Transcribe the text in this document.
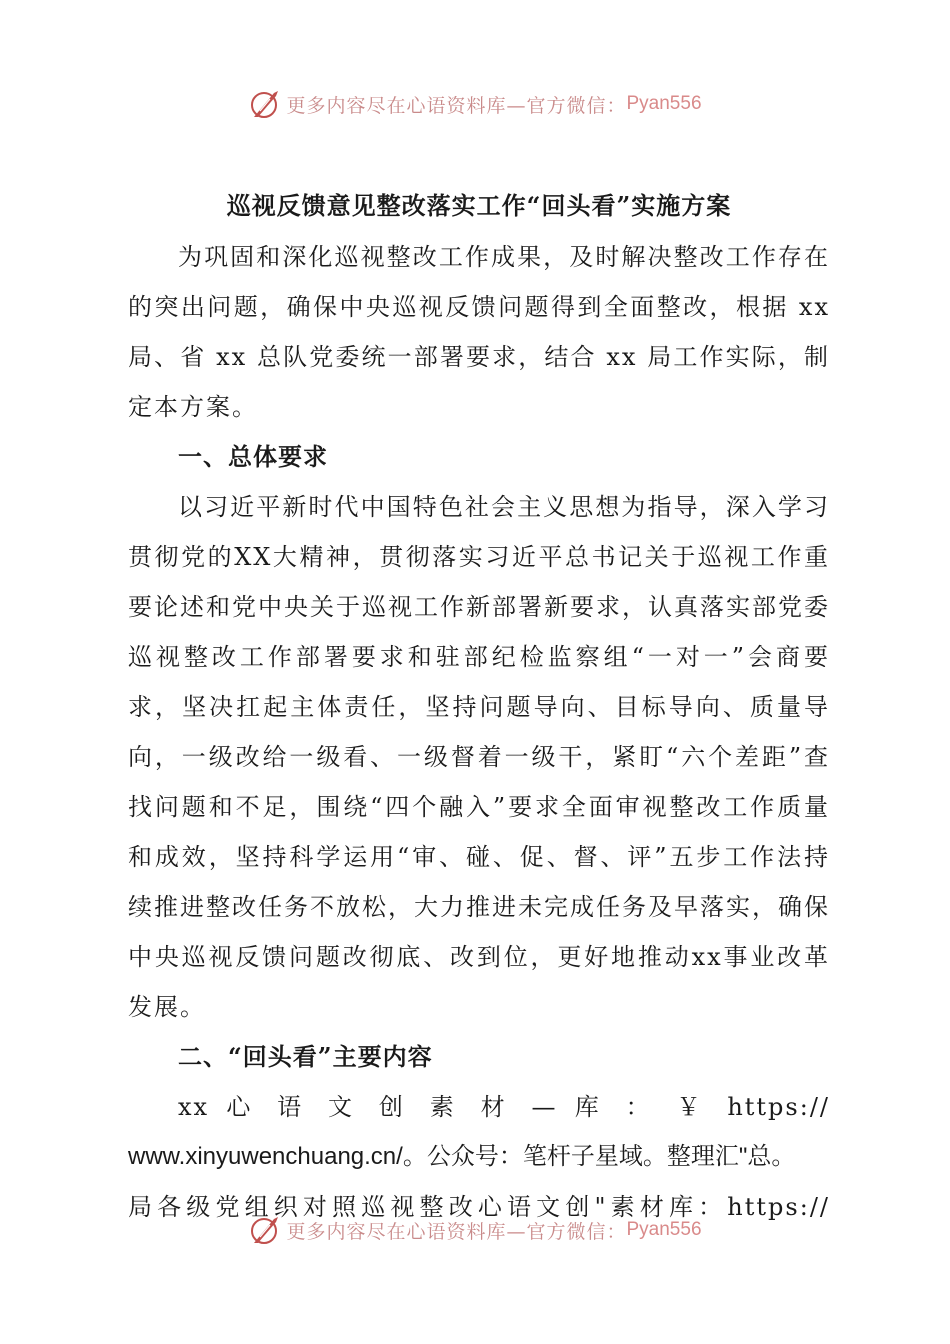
更多内容尽在心语资料库—官方微信： Pyan556
巡视反馈意见整改落实工作“回头看”实施方案

为巩固和深化巡视整改工作成果，及时解决整改工作存在的突出问题，确保中央巡视反馈问题得到全面整改，根据 xx 局、省 xx 总队党委统一部署要求，结合 xx 局工作实际，制定本方案。

一、总体要求

以习近平新时代中国特色社会主义思想为指导，深入学习贯彻党的XX大精神，贯彻落实习近平总书记关于巡视工作重要论述和党中央关于巡视工作新部署新要求，认真落实部党委巡视整改工作部署要求和驻部纪检监察组“一对一”会商要求，坚决扛起主体责任，坚持问题导向、目标导向、质量导向，一级改给一级看、一级督着一级干，紧盯“六个差距”查找问题和不足，围绕“四个融入”要求全面审视整改工作质量和成效，坚持科学运用“审、碰、促、督、评”五步工作法持续推进整改任务不放松，大力推进未完成任务及早落实，确保中央巡视反馈问题改彻底、改到位，更好地推动xx事业改革发展。

二、“回头看”主要内容

xx 心 语 文 创 素 材 — 库 ： ￥ https://
www.xinyuwenchuang.cn/。公众号：笔杆子星域。整理汇"总。
局各级党组织对照巡视整改心语文创"素材库：https://
更多内容尽在心语资料库—官方微信： Pyan556
